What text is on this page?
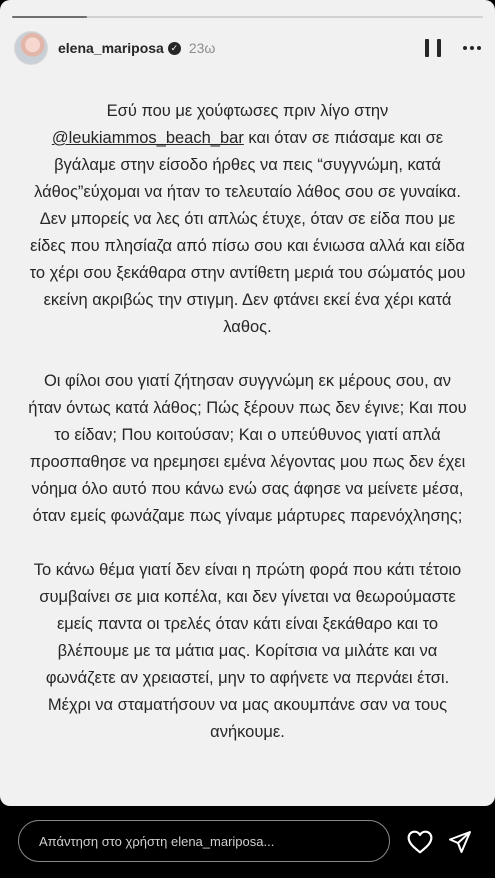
elena_mariposa ✓ 23ω

Εσύ που με χούφτωσες πριν λίγο στην
@leukiammos_beach_bar και όταν σε πιάσαμε και σε βγάλαμε στην είσοδο ήρθες να πεις “συγγνώμη, κατά λάθος”εύχομαι να ήταν το τελευταίο λάθος σου σε γυναίκα. Δεν μπορείς να λες ότι απλώς έτυχε, όταν σε είδα που με είδες που πλησίαζα από πίσω σου και ένιωσα αλλά και είδα το χέρι σου ξεκάθαρα στην αντίθετη μεριά του σώματός μου εκείνη ακριβώς την στιγμη. Δεν φτάνει εκεί ένα χέρι κατά λαθος.

Οι φίλοι σου γιατί ζήτησαν συγγνώμη εκ μέρους σου, αν ήταν όντως κατά λάθος; Πώς ξέρουν πως δεν έγινε; Και που το είδαν; Που κοιτούσαν; Και ο υπεύθυνος γιατί απλά προσπαθησε να ηρεμησει εμένα λέγοντας μου πως δεν έχει νόημα όλο αυτό που κάνω ενώ σας άφησε να μείνετε μέσα, όταν εμείς φωνάζαμε πως γίναμε μάρτυρες παρενόχλησης;

Το κάνω θέμα γιατί δεν είναι η πρώτη φορά που κάτι τέτοιο συμβαίνει σε μια κοπέλα, και δεν γίνεται να θεωρούμαστε εμείς παντα οι τρελές όταν κάτι είναι ξεκάθαρο και το βλέπουμε με τα μάτια μας. Κορίτσια να μιλάτε και να φωνάζετε αν χρειαστεί, μην το αφήνετε να περνάει έτσι. Μέχρι να σταματήσουν να μας ακουμπάνε σαν να τους ανήκουμε.

Απάντηση στο χρήστη elena_mariposa...
